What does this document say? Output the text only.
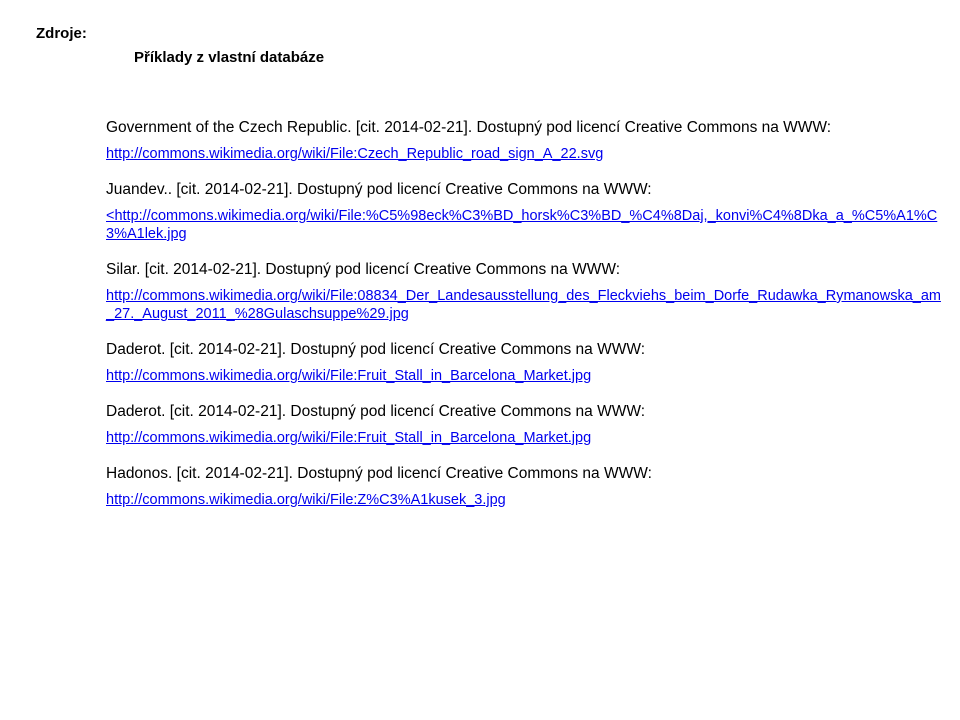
Zdroje:
Příklady z vlastní databáze
Government of the Czech Republic. [cit. 2014-02-21]. Dostupný pod licencí Creative Commons na WWW:
http://commons.wikimedia.org/wiki/File:Czech_Republic_road_sign_A_22.svg
Juandev.. [cit. 2014-02-21]. Dostupný pod licencí Creative Commons na WWW:
<http://commons.wikimedia.org/wiki/File:%C5%98eck%C3%BD_horsk%C3%BD_%C4%8Daj,_konvi%C4%8Dka_a_%C5%A1%C3%A1lek.jpg
Silar. [cit. 2014-02-21]. Dostupný pod licencí Creative Commons na WWW:
http://commons.wikimedia.org/wiki/File:08834_Der_Landesausstellung_des_Fleckviehs_beim_Dorfe_Rudawka_Rymanowska_am_27._August_2011_%28Gulaschsuppe%29.jpg
Daderot. [cit. 2014-02-21]. Dostupný pod licencí Creative Commons na WWW:
http://commons.wikimedia.org/wiki/File:Fruit_Stall_in_Barcelona_Market.jpg
Daderot. [cit. 2014-02-21]. Dostupný pod licencí Creative Commons na WWW:
http://commons.wikimedia.org/wiki/File:Fruit_Stall_in_Barcelona_Market.jpg
Hadonos. [cit. 2014-02-21]. Dostupný pod licencí Creative Commons na WWW:
http://commons.wikimedia.org/wiki/File:Z%C3%A1kusek_3.jpg
